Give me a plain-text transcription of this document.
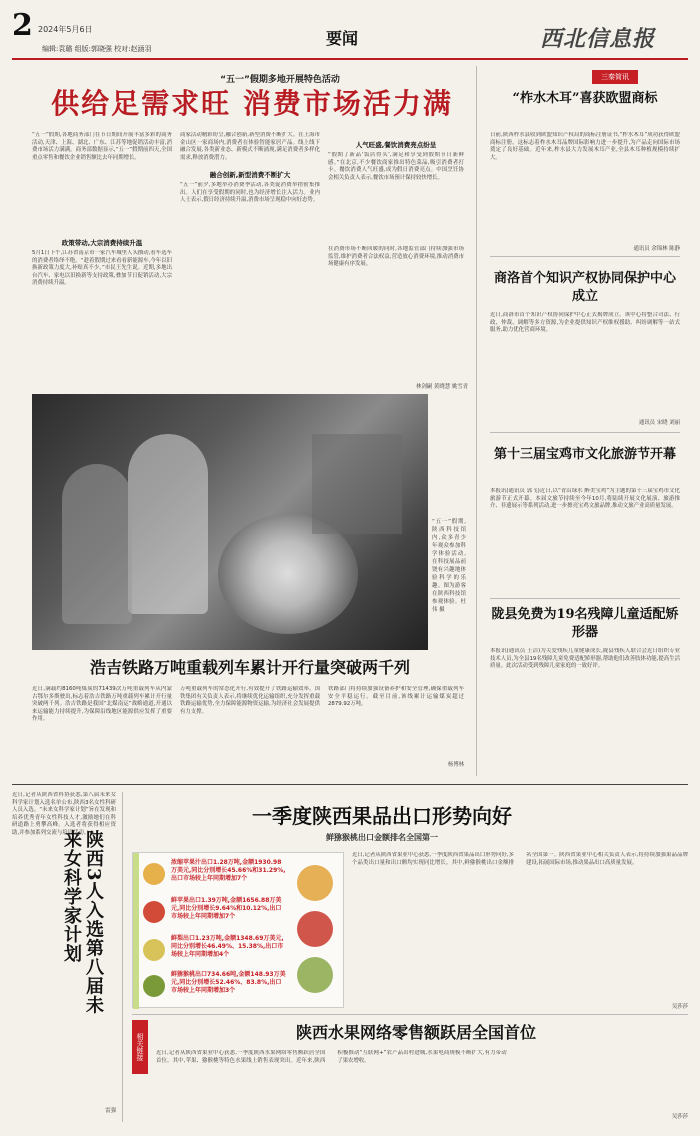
2 2024年5月6日
编辑:袁璐 组版:郭晓强 校对:赵涵羽
要闻	西北信息报
“五一”假期多地开展特色活动
供给足需求旺 消费市场活力满
“五一”假期,各地商务部门在节日期间开展丰富多彩的商务活动,天津、上海、湖北、广东、江苏等地促销活动丰富,消费市场活力满满。商务部数据显示,“五一”假期前四天,全国重点零售和餐饮企业销售额比去年同期增长。
政策带动,大宗消费持续升温
5月1日下午,江苏省南京市一家汽车城里人头攒动,看车选车的消费者络绎不绝。“趁着假期过来看看新能源车,今年以旧换新政策力度大,补贴真不少。”市民王先生说。近期,多地出台汽车、家电以旧换新等支持政策,叠加节日促销活动,大宗消费持续升温。
商家活动精彩纷呈,融合创新,新型消费不断扩大。在上海市金山区一家商场内,消费者在体验智能家居产品。线上线下融合发展,各类新业态、新模式不断涌现,满足消费者多样化需求,释放消费潜力。
融合创新,新型消费不断扩大
“五一”前夕,多地举办消费季活动,各类促消费举措密集推出。人们在享受假期的同时,也为经济增长注入活力。业内人士表示,假日经济持续升温,消费市场呈现稳中向好态势。
人气旺盛,餐饮消费亮点纷呈
“假期了新品‘饭店得头’,满足和享受到假期节日新鲜感。”在北京,不少餐饮商家推出特色菜品,吸引消费者打卡。餐饮消费人气旺盛,成为假日消费亮点。中国烹饪协会相关负责人表示,餐饮市场预计保持较快增长。
在消费市场不断回暖的同时,各地监管部门持续加强市场监管,维护消费者合法权益,营造放心消费环境,推动消费市场健康有序发展。
林剑嗣 黄晓慧 姚雪青
“五一”假期,陕西科技馆内,众多青少年观众参加科学体验活动,在科技展品前饶有兴趣地体验科学的乐趣。图为游客在陕西科技馆参观体验。杜伟 摄
浩吉铁路万吨重载列车累计开行量突破两千列
近日,满载约8160吨煤炭的71439次万吨重载列车从内蒙古鄂尔多斯驶出,标志着浩吉铁路万吨重载列车累计开行量突破两千列。浩吉铁路是我国“北煤南运”战略通道,开通以来运输能力持续提升,为保障沿线地区能源供应发挥了重要作用。
万吨重载列车的常态化开行,有效提升了铁路运输效率。国铁集团有关负责人表示,将继续优化运输组织,充分发挥重载铁路运输优势,全力保障能源物资运输,为经济社会发展提供有力支撑。
铁路部门将持续加强设备养护和安全管理,确保重载列车安全平稳运行。截至目前,该线累计运输煤炭超过2879.92万吨。
杨博林
三秦简讯
“柞水木耳”喜获欧盟商标
日前,陕西柞水县收到欧盟知识产权局的商标注册证书,“柞水木耳”成功获得欧盟商标注册。这标志着柞水木耳品牌国际影响力进一步提升,为产品走向国际市场奠定了良好基础。近年来,柞水县大力发展木耳产业,全县木耳种植规模持续扩大。
通讯员 余锦林 陈静
商洛首个知识产权协同保护中心成立
近日,商洛市首个知识产权协同保护中心正式揭牌成立。该中心将整合司法、行政、仲裁、调解等多方资源,为企业提供知识产权维权援助、纠纷调解等一站式服务,助力优化营商环境。
通讯员 宋晓 刘丽
第十三届宝鸡市文化旅游节开幕
本报讯(通讯员 郭飞)近日,以“青山绿水 醉美宝鸡”为主题的第十三届宝鸡市文化旅游节正式开幕。本届文旅节持续至今年10月,将陆续开展文化展演、旅游推介、非遗展示等系列活动,进一步擦亮宝鸡文旅品牌,推动文旅产业高质量发展。
陇县免费为19名残障儿童适配矫形器
本报讯(通讯员 王洁)为关爱残疾儿童健康成长,陇县残疾人联合会近日组织专业技术人员,为全县19名残障儿童免费适配矫形器,帮助他们改善肢体功能,提高生活质量。此次活动受到残障儿童家庭的一致好评。
近日,记者从陕西省科协获悉,第八届未来女科学家计划入选名单公布,陕西3名女性科研人员入选。“未来女科学家计划”旨在发现和培养优秀青年女性科技人才,激励她们在科研道路上勇攀高峰。入选者将获得相应资助,并参加系列交流与培训活动。
陕西3人入选第八届未来女科学家计划
雷强
一季度陕西果品出口形势向好
鲜猕猴桃出口金额排名全国第一
浓缩苹果汁出口1.28万吨,金额1930.98万美元,同比分别增长45.66%和31.29%,出口市场较上年同期增加7个
鲜苹果出口1.39万吨,金额1656.88万美元,同比分别增长9.64%和10.12%,出口市场较上年同期增加7个
鲜梨出口1.23万吨,金额1348.69万美元,同比分别增长46.49%、15.38%,出口市场较上年同期增加4个
鲜猕猴桃出口734.66吨,金额148.93万美元,同比分别增长52.46%、83.8%,出口市场较上年同期增加3个
近日,记者从陕西省果业中心获悉,一季度陕西省果品出口形势向好,多个品类出口量和出口额均实现同比增长。其中,鲜猕猴桃出口金额排名全国第一。陕西省果业中心相关负责人表示,将持续加强果品品牌建设,拓展国际市场,推动果品出口高质量发展。
吴莎莎
相关链接
陕西水果网络零售额跃居全国首位
近日,记者从陕西省果业中心获悉,一季度陕西水果网络零售额跃居全国首位。其中,苹果、猕猴桃等特色水果线上销售表现突出。近年来,陕西积极推动“互联网+”农产品出村进城,水果电商规模不断扩大,有力带动了果农增收。
吴莎莎
